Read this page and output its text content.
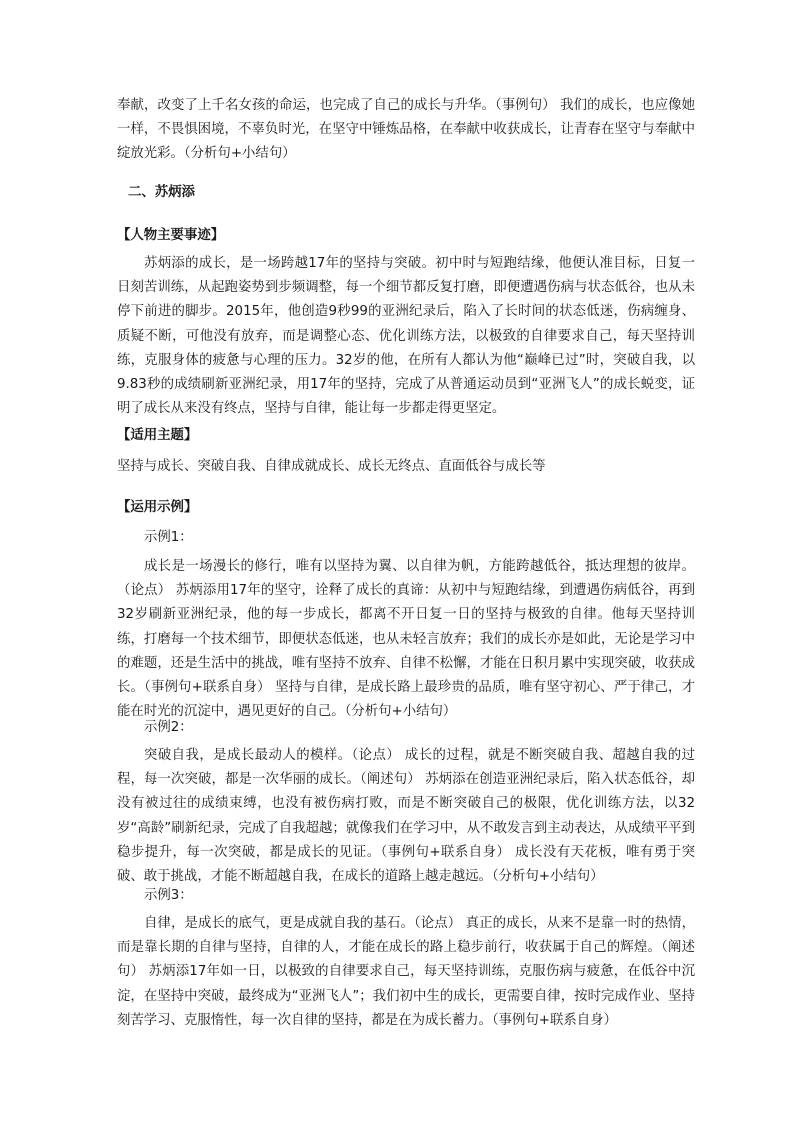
奉献，改变了上千名女孩的命运，也完成了自己的成长与升华。（事例句） 我们的成长，也应像她一样，不畏惧困境，不辜负时光，在坚守中锤炼品格，在奉献中收获成长，让青春在坚守与奉献中绽放光彩。（分析句+小结句）

二、苏炳添

【人物主要事迹】

苏炳添的成长，是一场跨越17年的坚持与突破。初中时与短跑结缘，他便认准目标，日复一日刻苦训练，从起跑姿势到步频调整，每一个细节都反复打磨，即便遭遇伤病与状态低谷，也从未停下前进的脚步。2015年，他创造9秒99的亚洲纪录后，陷入了长时间的状态低迷，伤病缠身、质疑不断，可他没有放弃，而是调整心态、优化训练方法，以极致的自律要求自己，每天坚持训练，克服身体的疲惫与心理的压力。32岁的他，在所有人都认为他“巅峰已过”时，突破自我，以9.83秒的成绩刷新亚洲纪录，用17年的坚持，完成了从普通运动员到“亚洲飞人”的成长蜕变，证明了成长从来没有终点，坚持与自律，能让每一步都走得更坚定。

【适用主题】

坚持与成长、突破自我、自律成就成长、成长无终点、直面低谷与成长等

【运用示例】

示例1：

成长是一场漫长的修行，唯有以坚持为翼、以自律为帆，方能跨越低谷，抵达理想的彼岸。（论点） 苏炳添用17年的坚守，诠释了成长的真谛：从初中与短跑结缘，到遭遇伤病低谷，再到32岁刷新亚洲纪录，他的每一步成长，都离不开日复一日的坚持与极致的自律。他每天坚持训练，打磨每一个技术细节，即便状态低迷，也从未轻言放弃；我们的成长亦是如此，无论是学习中的难题，还是生活中的挑战，唯有坚持不放弃、自律不松懈，才能在日积月累中实现突破，收获成长。（事例句+联系自身） 坚持与自律，是成长路上最珍贵的品质，唯有坚守初心、严于律己，才能在时光的沉淀中，遇见更好的自己。（分析句+小结句）

示例2：

突破自我，是成长最动人的模样。（论点） 成长的过程，就是不断突破自我、超越自我的过程，每一次突破，都是一次华丽的成长。（阐述句） 苏炳添在创造亚洲纪录后，陷入状态低谷，却没有被过往的成绩束缚，也没有被伤病打败，而是不断突破自己的极限，优化训练方法，以32岁“高龄”刷新纪录，完成了自我超越；就像我们在学习中，从不敢发言到主动表达，从成绩平平到稳步提升，每一次突破，都是成长的见证。（事例句+联系自身） 成长没有天花板，唯有勇于突破、敢于挑战，才能不断超越自我，在成长的道路上越走越远。（分析句+小结句）

示例3：

自律，是成长的底气，更是成就自我的基石。（论点） 真正的成长，从来不是靠一时的热情，而是靠长期的自律与坚持，自律的人，才能在成长的路上稳步前行，收获属于自己的辉煌。（阐述句） 苏炳添17年如一日，以极致的自律要求自己，每天坚持训练，克服伤病与疲惫，在低谷中沉淀，在坚持中突破，最终成为“亚洲飞人”；我们初中生的成长，更需要自律，按时完成作业、坚持刻苦学习、克服惰性，每一次自律的坚持，都是在为成长蓄力。（事例句+联系自身）
